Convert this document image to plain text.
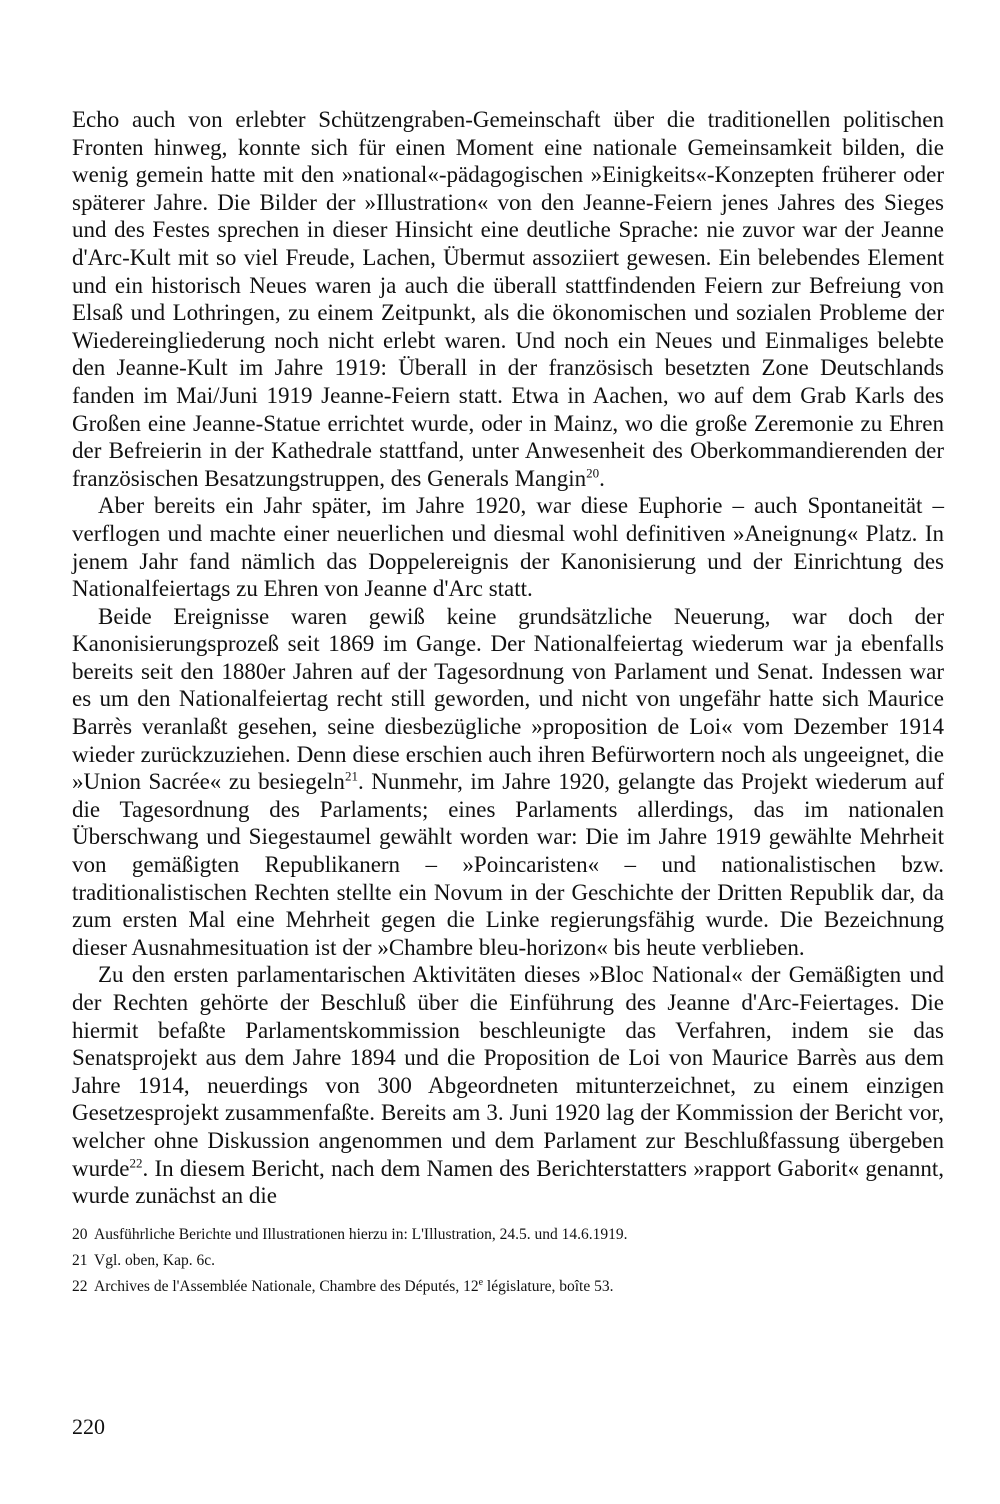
Echo auch von erlebter Schützengraben-Gemeinschaft über die traditionellen politischen Fronten hinweg, konnte sich für einen Moment eine nationale Gemeinsamkeit bilden, die wenig gemein hatte mit den »national«-pädagogischen »Einigkeits«-Konzepten früherer oder späterer Jahre. Die Bilder der »Illustration« von den Jeanne-Feiern jenes Jahres des Sieges und des Festes sprechen in dieser Hinsicht eine deutliche Sprache: nie zuvor war der Jeanne d'Arc-Kult mit so viel Freude, Lachen, Übermut assoziiert gewesen. Ein belebendes Element und ein historisch Neues waren ja auch die überall stattfindenden Feiern zur Befreiung von Elsaß und Lothringen, zu einem Zeitpunkt, als die ökonomischen und sozialen Probleme der Wiedereingliederung noch nicht erlebt waren. Und noch ein Neues und Einmaliges belebte den Jeanne-Kult im Jahre 1919: Überall in der französisch besetzten Zone Deutschlands fanden im Mai/Juni 1919 Jeanne-Feiern statt. Etwa in Aachen, wo auf dem Grab Karls des Großen eine Jeanne-Statue errichtet wurde, oder in Mainz, wo die große Zeremonie zu Ehren der Befreierin in der Kathedrale stattfand, unter Anwesenheit des Oberkommandierenden der französischen Besatzungstruppen, des Generals Mangin$^{20}$.

Aber bereits ein Jahr später, im Jahre 1920, war diese Euphorie – auch Spontaneität – verflogen und machte einer neuerlichen und diesmal wohl definitiven »Aneignung« Platz. In jenem Jahr fand nämlich das Doppelereignis der Kanonisierung und der Einrichtung des Nationalfeiertags zu Ehren von Jeanne d'Arc statt.

Beide Ereignisse waren gewiß keine grundsätzliche Neuerung, war doch der Kanonisierungsprozeß seit 1869 im Gange. Der Nationalfeiertag wiederum war ja ebenfalls bereits seit den 1880er Jahren auf der Tagesordnung von Parlament und Senat. Indessen war es um den Nationalfeiertag recht still geworden, und nicht von ungefähr hatte sich Maurice Barrès veranlaßt gesehen, seine diesbezügliche »proposition de Loi« vom Dezember 1914 wieder zurückzuziehen. Denn diese erschien auch ihren Befürwortern noch als ungeeignet, die »Union Sacrée« zu besiegeln$^{21}$. Nunmehr, im Jahre 1920, gelangte das Projekt wiederum auf die Tagesordnung des Parlaments; eines Parlaments allerdings, das im nationalen Überschwang und Siegestaumel gewählt worden war: Die im Jahre 1919 gewählte Mehrheit von gemäßigten Republikanern – »Poincaristen« – und nationalistischen bzw. traditionalistischen Rechten stellte ein Novum in der Geschichte der Dritten Republik dar, da zum ersten Mal eine Mehrheit gegen die Linke regierungsfähig wurde. Die Bezeichnung dieser Ausnahmesituation ist der »Chambre bleu-horizon« bis heute verblieben.

Zu den ersten parlamentarischen Aktivitäten dieses »Bloc National« der Gemäßigten und der Rechten gehörte der Beschluß über die Einführung des Jeanne d'Arc-Feiertages. Die hiermit befaßte Parlamentskommission beschleunigte das Verfahren, indem sie das Senatsprojekt aus dem Jahre 1894 und die Proposition de Loi von Maurice Barrès aus dem Jahre 1914, neuerdings von 300 Abgeordneten mitunterzeichnet, zu einem einzigen Gesetzesprojekt zusammenfaßte. Bereits am 3. Juni 1920 lag der Kommission der Bericht vor, welcher ohne Diskussion angenommen und dem Parlament zur Beschlußfassung übergeben wurde$^{22}$. In diesem Bericht, nach dem Namen des Berichterstatters »rapport Gaborit« genannt, wurde zunächst an die

20 Ausführliche Berichte und Illustrationen hierzu in: L'Illustration, 24.5. und 14.6.1919.
21 Vgl. oben, Kap. 6c.
22 Archives de l'Assemblée Nationale, Chambre des Députés, 12e législature, boîte 53.
220
